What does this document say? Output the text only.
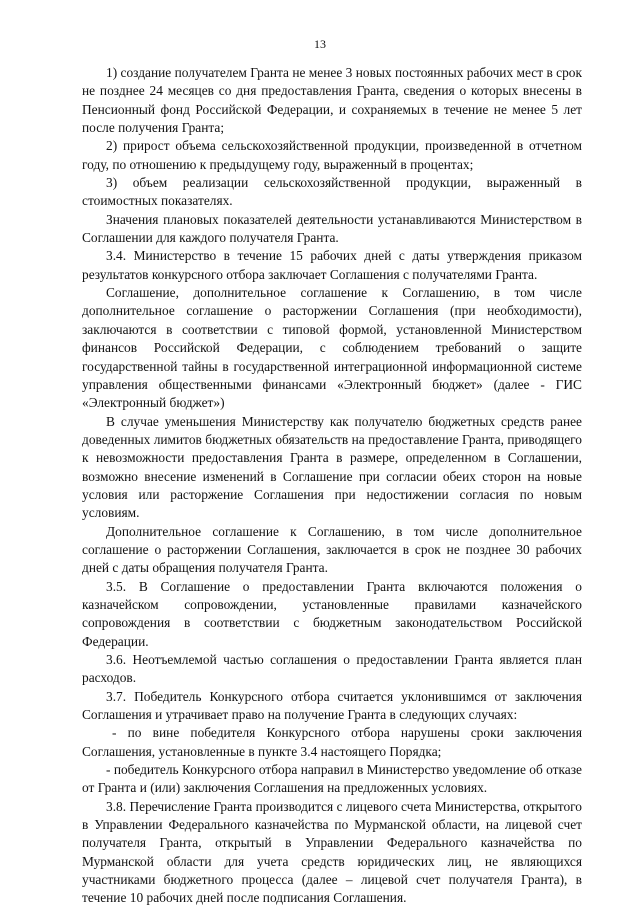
13

1) создание получателем Гранта не менее 3 новых постоянных рабочих мест в срок не позднее 24 месяцев со дня предоставления Гранта, сведения о которых внесены в Пенсионный фонд Российской Федерации, и сохраняемых в течение не менее 5 лет после получения Гранта;

2) прирост объема сельскохозяйственной продукции, произведенной в отчетном году, по отношению к предыдущему году, выраженный в процентах;

3) объем реализации сельскохозяйственной продукции, выраженный в стоимостных показателях.

Значения плановых показателей деятельности устанавливаются Министерством в Соглашении для каждого получателя Гранта.

3.4. Министерство в течение 15 рабочих дней с даты утверждения приказом результатов конкурсного отбора заключает Соглашения с получателями Гранта.

Соглашение, дополнительное соглашение к Соглашению, в том числе дополнительное соглашение о расторжении Соглашения (при необходимости), заключаются в соответствии с типовой формой, установленной Министерством финансов Российской Федерации, с соблюдением требований о защите государственной тайны в государственной интеграционной информационной системе управления общественными финансами «Электронный бюджет» (далее - ГИС «Электронный бюджет»)

В случае уменьшения Министерству как получателю бюджетных средств ранее доведенных лимитов бюджетных обязательств на предоставление Гранта, приводящего к невозможности предоставления Гранта в размере, определенном в Соглашении, возможно внесение изменений в Соглашение при согласии обеих сторон на новые условия или расторжение Соглашения при недостижении согласия по новым условиям.

Дополнительное соглашение к Соглашению, в том числе дополнительное соглашение о расторжении Соглашения, заключается в срок не позднее 30 рабочих дней с даты обращения получателя Гранта.

3.5. В Соглашение о предоставлении Гранта включаются положения о казначейском сопровождении, установленные правилами казначейского сопровождения в соответствии с бюджетным законодательством Российской Федерации.

3.6. Неотъемлемой частью соглашения о предоставлении Гранта является план расходов.

3.7. Победитель Конкурсного отбора считается уклонившимся от заключения Соглашения и утрачивает право на получение Гранта в следующих случаях:

- по вине победителя Конкурсного отбора нарушены сроки заключения Соглашения, установленные в пункте 3.4 настоящего Порядка;

- победитель Конкурсного отбора направил в Министерство уведомление об отказе от Гранта и (или) заключения Соглашения на предложенных условиях.

3.8. Перечисление Гранта производится с лицевого счета Министерства, открытого в Управлении Федерального казначейства по Мурманской области, на лицевой счет получателя Гранта, открытый в Управлении Федерального казначейства по Мурманской области для учета средств юридических лиц, не являющихся участниками бюджетного процесса (далее – лицевой счет получателя Гранта), в течение 10 рабочих дней после подписания Соглашения.
